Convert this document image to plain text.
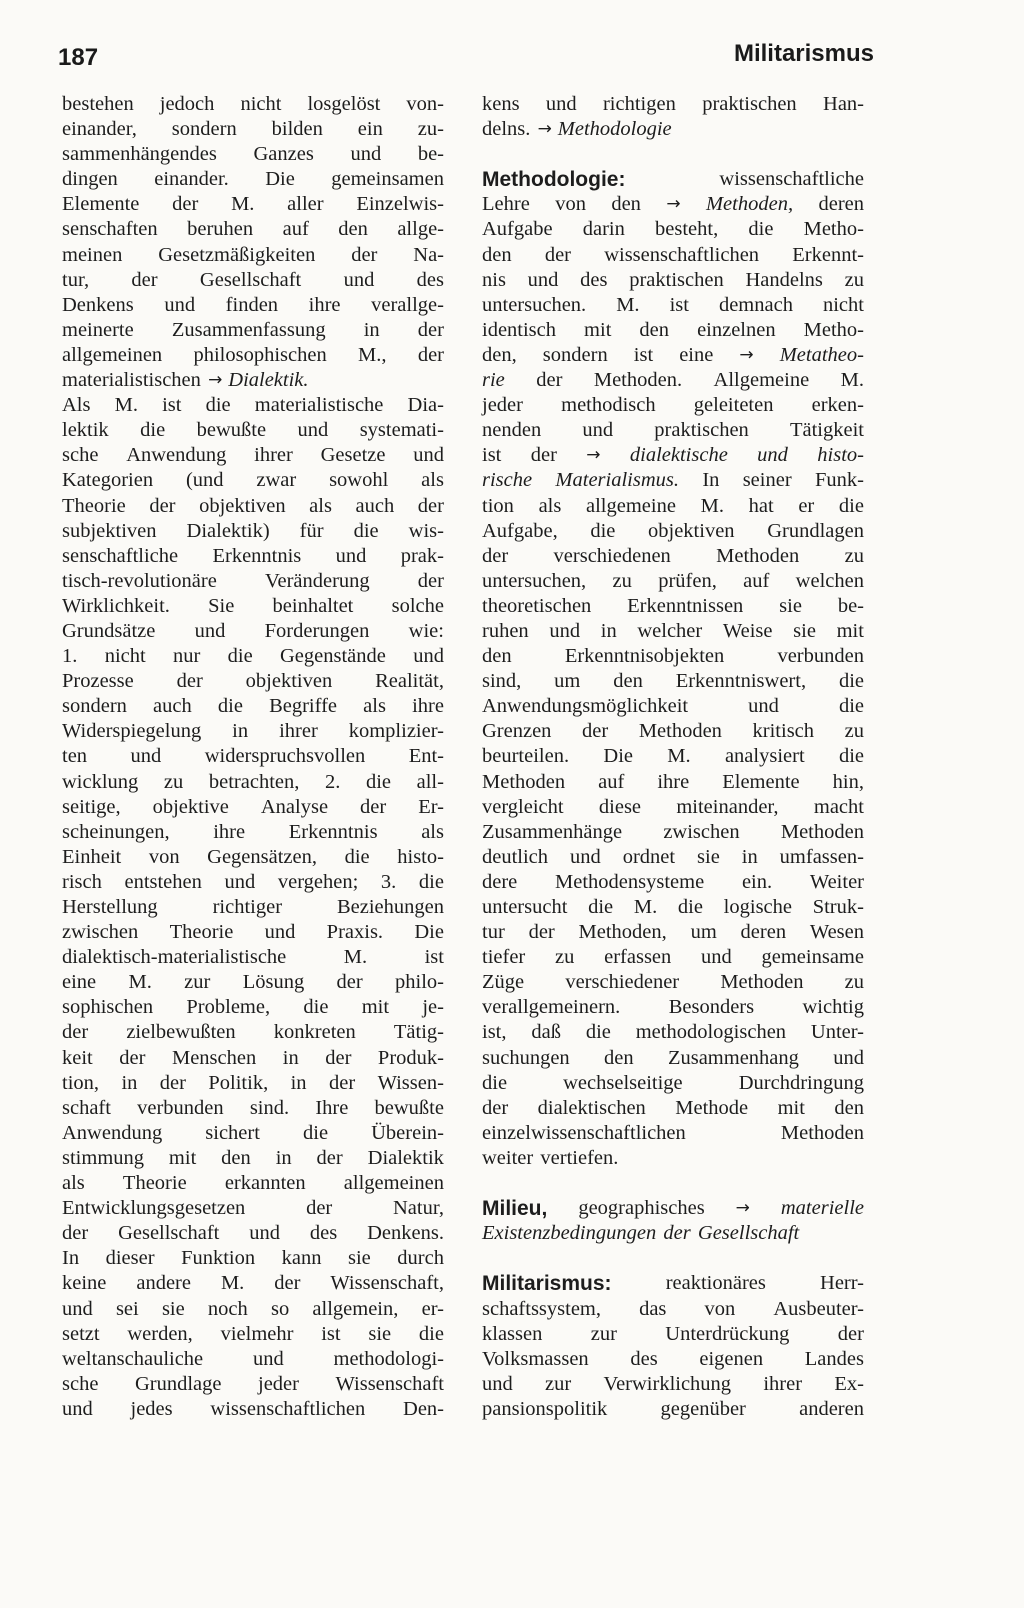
187	Militarismus
bestehen jedoch nicht losgelöst von-
einander, sondern bilden ein zu-
sammenhängendes Ganzes und be-
dingen einander. Die gemeinsamen
Elemente der M. aller Einzelwis-
senschaften beruhen auf den allge-
meinen Gesetzmäßigkeiten der Na-
tur, der Gesellschaft und des
Denkens und finden ihre verallge-
meinerte Zusammenfassung in der
allgemeinen philosophischen M., der
materialistischen → Dialektik.
Als M. ist die materialistische Dia-
lektik die bewußte und systemati-
sche Anwendung ihrer Gesetze und
Kategorien (und zwar sowohl als
Theorie der objektiven als auch der
subjektiven Dialektik) für die wis-
senschaftliche Erkenntnis und prak-
tisch-revolutionäre Veränderung der
Wirklichkeit. Sie beinhaltet solche
Grundsätze und Forderungen wie:
1. nicht nur die Gegenstände und
Prozesse der objektiven Realität,
sondern auch die Begriffe als ihre
Widerspiegelung in ihrer komplizier-
ten und widerspruchsvollen Ent-
wicklung zu betrachten, 2. die all-
seitige, objektive Analyse der Er-
scheinungen, ihre Erkenntnis als
Einheit von Gegensätzen, die histo-
risch entstehen und vergehen; 3. die
Herstellung	richtiger	Beziehungen
zwischen Theorie und Praxis. Die
dialektisch-materialistische	M.	ist
eine M. zur Lösung der philo-
sophischen Probleme, die mit je-
der zielbewußten konkreten Tätig-
keit der Menschen in der Produk-
tion, in der Politik, in der Wissen-
schaft verbunden sind. Ihre bewußte
Anwendung sichert die Überein-
stimmung mit den in der Dialektik
als Theorie erkannten allgemeinen
Entwicklungsgesetzen	der	Natur,
der Gesellschaft und des Denkens.
In dieser Funktion kann sie durch
keine andere M. der Wissenschaft,
und sei sie noch so allgemein, er-
setzt werden, vielmehr ist sie die
weltanschauliche und methodologi-
sche Grundlage jeder Wissenschaft
und jedes wissenschaftlichen Den-
kens und richtigen praktischen Han-
delns. → Methodologie
Methodologie:	wissenschaftliche
Lehre von den → Methoden, deren
Aufgabe darin besteht, die Metho-
den der wissenschaftlichen Erkennt-
nis und des praktischen Handelns zu
untersuchen. M. ist demnach nicht
identisch mit den einzelnen Metho-
den, sondern ist eine → Metatheo-
rie der Methoden. Allgemeine M.
jeder methodisch geleiteten erken-
nenden und praktischen Tätigkeit
ist der → dialektische und histo-
rische Materialismus. In seiner Funk-
tion als allgemeine M. hat er die
Aufgabe, die objektiven Grundlagen
der verschiedenen Methoden zu
untersuchen, zu prüfen, auf welchen
theoretischen Erkenntnissen sie be-
ruhen und in welcher Weise sie mit
den	Erkenntnisobjekten	verbunden
sind, um den Erkenntniswert, die
Anwendungsmöglichkeit	und	die
Grenzen der Methoden kritisch zu
beurteilen. Die M. analysiert die
Methoden auf ihre Elemente hin,
vergleicht diese miteinander, macht
Zusammenhänge zwischen Methoden
deutlich und ordnet sie in umfassen-
dere Methodensysteme ein. Weiter
untersucht die M. die logische Struk-
tur der Methoden, um deren Wesen
tiefer zu erfassen und gemeinsame
Züge verschiedener Methoden zu
verallgemeinern. Besonders wichtig
ist, daß die methodologischen Unter-
suchungen den Zusammenhang und
die	wechselseitige	Durchdringung
der dialektischen Methode mit den
einzelwissenschaftlichen	Methoden
weiter vertiefen.
Milieu, geographisches → materielle
Existenzbedingungen der Gesellschaft
Militarismus:	reaktionäres	Herr-
schaftssystem, das von Ausbeuter-
klassen zur Unterdrückung der
Volksmassen des eigenen Landes
und zur Verwirklichung ihrer Ex-
pansionspolitik	gegenüber	anderen
